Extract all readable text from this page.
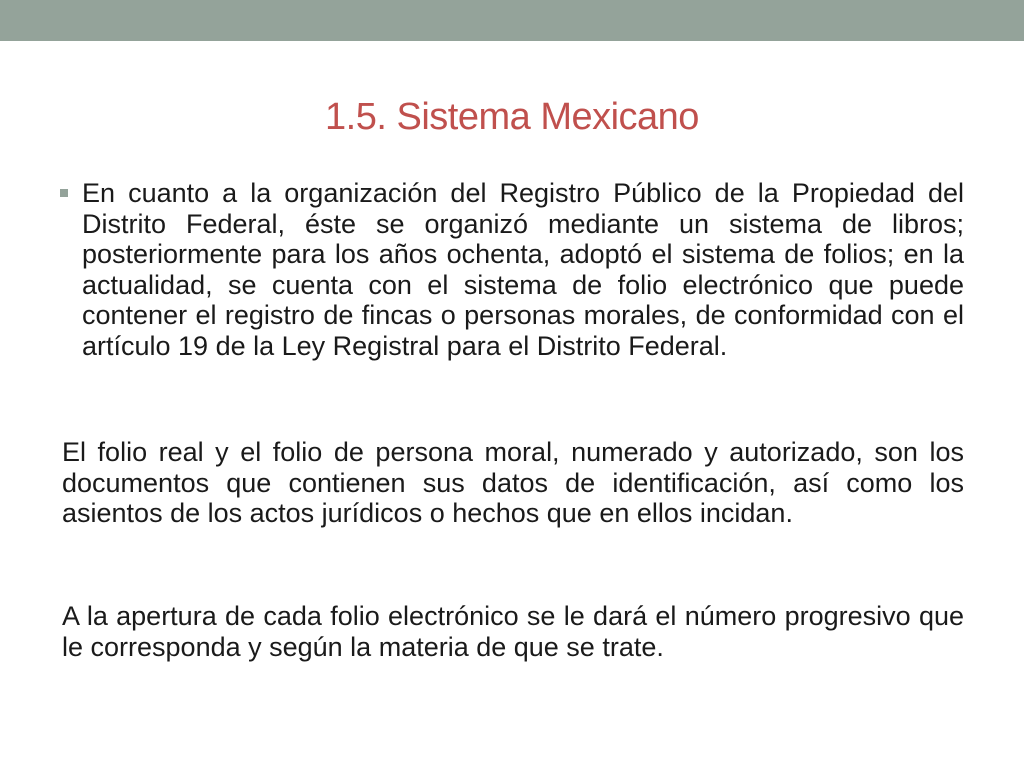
1.5. Sistema Mexicano
En cuanto a la organización del Registro Público de la Propiedad del Distrito Federal, éste se organizó mediante un sistema de libros; posteriormente para los años ochenta, adoptó el sistema de folios; en la actualidad, se cuenta con el sistema de folio electrónico que puede contener el registro de fincas o personas morales, de conformidad con el artículo 19 de la Ley Registral para el Distrito Federal.
El folio real y el folio de persona moral, numerado y autorizado, son los documentos que contienen sus datos de identificación, así como los asientos de los actos jurídicos o hechos que en ellos incidan.
A la apertura de cada folio electrónico se le dará el número progresivo que le corresponda y según la materia de que se trate.
